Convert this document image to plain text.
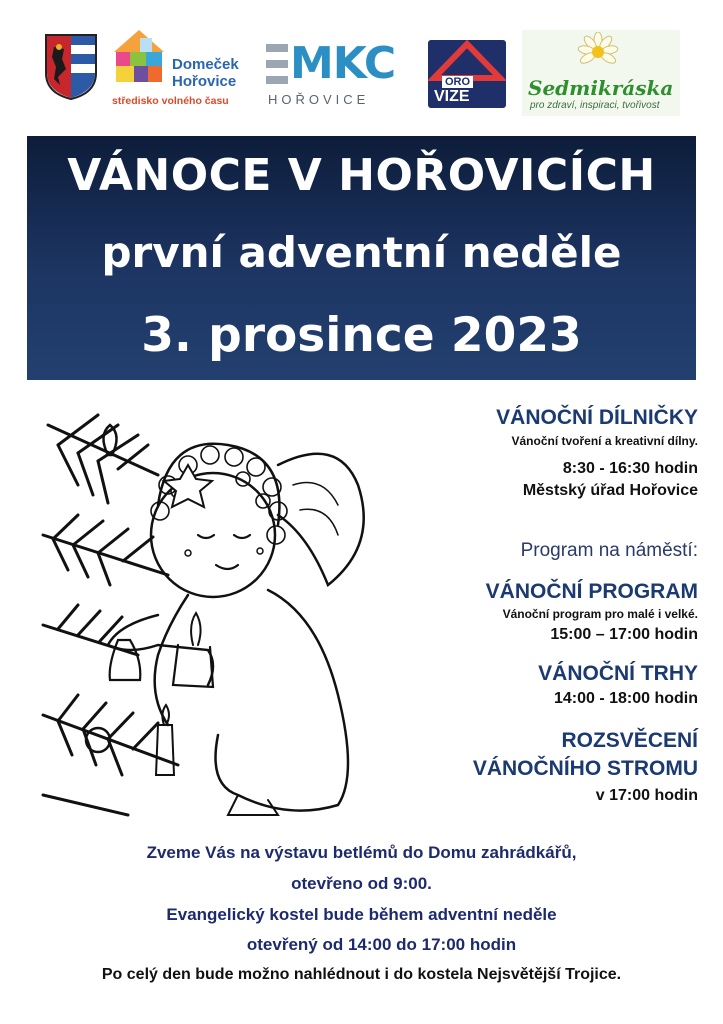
Domeček
Hořovice
středisko volného času
MKC
HOŘOVICE
ORO
VIZE	Sedmikráska
pro zdraví, inspiraci, tvořivost
VÁNOCE V HOŘOVICÍCH
první adventní neděle
3. prosince 2023
VÁNOČNÍ DÍLNIČKY
Vánoční tvoření a kreativní dílny.
8:30 - 16:30 hodin
Městský úřad Hořovice
Program na náměstí:
VÁNOČNÍ PROGRAM
Vánoční program pro malé i velké.
15:00 – 17:00 hodin
VÁNOČNÍ TRHY
14:00 - 18:00 hodin
ROZSVĚCENÍ
VÁNOČNÍHO STROMU
v 17:00 hodin
Zveme Vás na výstavu betlémů do Domu zahrádkářů,
otevřeno od 9:00.
Evangelický kostel bude během adventní neděle
otevřený od 14:00 do 17:00 hodin
Po celý den bude možno nahlédnout i do kostela Nejsvětější Trojice.
